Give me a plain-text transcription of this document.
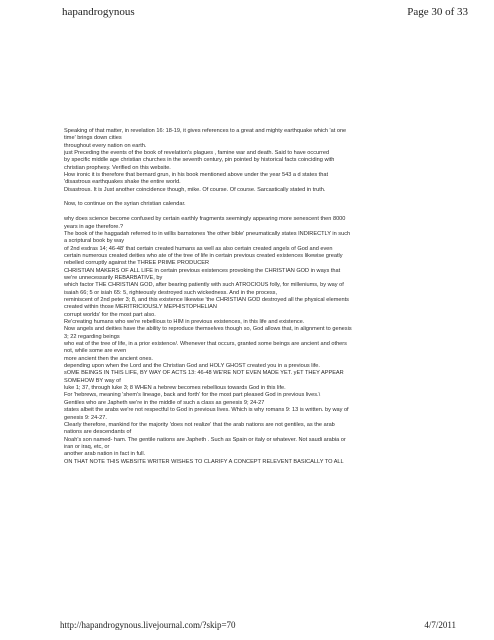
hapandrogynous	Page 30 of 33

Speaking of that matter, in revelation 16: 18-19, it gives references to a great and mighty earthquake which 'at one

time' brings down cities

throughout every nation on earth.

just Preceding the events of the book of revelation's plagues , famine war and death. Said to have occurred

by specific middle age christian churches in the seventh century, pin pointed by historical facts coinciding with

christian prophesy. Verified on this website.

How ironic it is therefore that bernard grun, in his book mentioned above under the year 543 a d states that

'disastrous earthquakes shake the entire world.

Disastrous. It is Just another coincidence though, mike. Of course. Of course. Sarcastically stated in truth.

Now, to continue on the syrian christian calendar.

why does science become confused by certain earthly fragments seemingly appearing more senescent then 8000

years in age therefore.?

The book of the haggadah referred to in willis barnstones 'the other bible' pneumatically states INDIRECTLY in such

a scriptural book by way

of 2nd esdras 14; 46-48' that certain created humans as well as also certain created angels of God and even

certain numerous created deities who ate of the tree of life in certain previous created existences likewise greatly

rebelled corruptly against the THREE PRIME PRODUCER

CHRISTIAN MAKERS OF ALL LIFE in certain previous existences provoking the CHRISTIAN GOD in ways that

we're unnecessarily REBARBATIVE, by

which factor THE CHRISTIAN GOD, after bearing patiently with such ATROCIOUS folly, for milleniums, by way of

isaiah 66; 5 or isiah 65: 5, righteously destroyed such wickedness. And in the process,

reminiscent of 2nd peter 3; 8, and this existence likewise 'the CHRISTIAN GOD destroyed all the physical elements

created within those MERITRICIOUSLY MEPHISTOPHELIAN

corrupt worlds' for the most part also.

Re'creating humans who we're rebellious to HIM in previous existences, in this life and existence.

Now angels and deities have the ability to reproduce themselves though so, God allows that, in alignment to genesis

3; 22 regarding beings

who eat of the tree of life, in a prior existence/. Whenever that occurs, granted some beings are ancient and others

not, while some are even

more ancient then the ancient ones.

depending upon when the Lord and the Christian God and HOLY GHOST created you in a previous life.

sOME BEINGS IN THIS LIFE, BY WAY OF ACTS 13: 46-48 WE'RE NOT EVEN MADE YET. yET THEY APPEAR

SOMEHOW BY way of

luke 1; 37, through luke 3; 8 WHEN a hebrew becomes rebellious towards God in this life.

For 'hebrews, meaning 'shem's lineage, back and forth' for the most part pleased God in previous lives.\

Gentiles who are Japheth we're in the middle of such a class as genesis 9; 24-27

states albeit the arabs we're not respectful to God in previous lives. Which is why romans 9: 13 is written. by way of

genesis 9: 24-27.

Clearly therefore, mankind for the majority 'does not realize' that the arab nations are not gentiles, as the arab

nations are descendants of

Noah's son named- ham. The gentile nations are Japheth . Such as Spain or italy or whatever. Not saudi arabia or

iran or iraq, etc, or

another arab nation in fact in full.

ON THAT NOTE THIS WEBSITE WRITER WISHES TO CLARIFY A CONCEPT RELEVENT BASICALLY TO ALL

http://hapandrogynous.livejournal.com/?skip=70	4/7/2011
